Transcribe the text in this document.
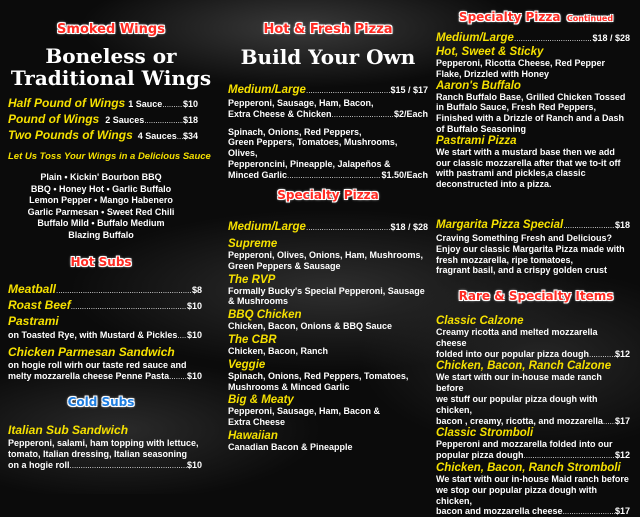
Smoked Wings
Boneless or
Traditional Wings
Half Pound of Wings 1 Sauce ..... $10
Pound of Wings 2 Sauces .....	$18
Two Pounds of Wings 4 Sauces ..... $34
Let Us Toss Your Wings in a Delicious Sauce
Plain • Kickin' Bourbon BBQ
BBQ • Honey Hot • Garlic Buffalo
Lemon Pepper • Mango Habenero
Garlic Parmesan • Sweet Red Chili
Buffalo Mild • Buffalo Medium
Blazing Buffalo
Hot Subs
Meatball .....	$8
Roast Beef .....	$10
Pastrami
on Toasted Rye, with Mustard & Pickles ..... $10
Chicken Parmesan Sandwich
on hogie roll wirh our taste red sauce and
melty mozzarella cheese Penne Pasta ..... $10
Cold Subs
Italian Sub Sandwich
Pepperoni, salami, ham topping with lettuce,
tomato, Italian dressing, Italian seasoning
on a hogie roll .....	$10
Hot & Fresh Pizza
Build Your Own
Medium/Large .....	$15 / $17
Pepperoni, Sausage, Ham, Bacon,
Extra Cheese & Chicken .....	$2/Each
Spinach, Onions, Red Peppers,
Green Peppers, Tomatoes, Mushrooms, Olives,
Pepperoncini, Pineapple, Jalapeños &
Minced Garlic .....	$1.50/Each
Specialty Pizza
Medium/Large .....	$18 / $28
Supreme
Pepperoni, Olives, Onions, Ham, Mushrooms,
Green Peppers & Sausage
The RVP
Formally Bucky's Special Pepperoni, Sausage
& Mushrooms
BBQ Chicken
Chicken, Bacon, Onions & BBQ Sauce
The CBR
Chicken, Bacon, Ranch
Veggie
Spinach, Onions, Red Peppers, Tomatoes,
Mushrooms & Minced Garlic
Big & Meaty
Pepperoni, Sausage, Ham, Bacon &
Extra Cheese
Hawaiian
Canadian Bacon & Pineapple
Specialty Pizza Continued
Medium/Large .....	$18 / $28
Hot, Sweet & Sticky
Pepperoni, Ricotta Cheese, Red Pepper
Flake, Drizzled with Honey
Aaron's Buffalo
Ranch Buffalo Base, Grilled Chicken Tossed
in Buffalo Sauce, Fresh Red Peppers,
Finished with a Drizzle of Ranch and a Dash
of Buffalo Seasoning
Pastrami Pizza
We start with a mustard base then we add
our classic mozzarella after that we to-it off
with pastrami and pickles,a classic
deconstructed into a pizza.
Margarita Pizza Special .....	$18
Craving Something Fresh and Delicious?
Enjoy our classic Margarita Pizza made with
fresh mozzarella, ripe tomatoes,
fragrant basil, and a crispy golden crust
Rare & Specialty Items
Classic Calzone
Creamy ricotta and melted mozzarella cheese
folded into our popular pizza dough .....	$12
Chicken, Bacon, Ranch Calzone
We start with our in-house made ranch before
we stuff our popular pizza dough with chicken,
bacon , creamy, ricotta, and mozzarella ..... $17
Classic Stromboli
Pepperoni and mozzarella folded into our
popular pizza dough .....	$12
Chicken, Bacon, Ranch Stromboli
We start with our in-house Maid ranch before
we stop our popular pizza dough with chicken,
bacon and mozzarella cheese .....	$17
